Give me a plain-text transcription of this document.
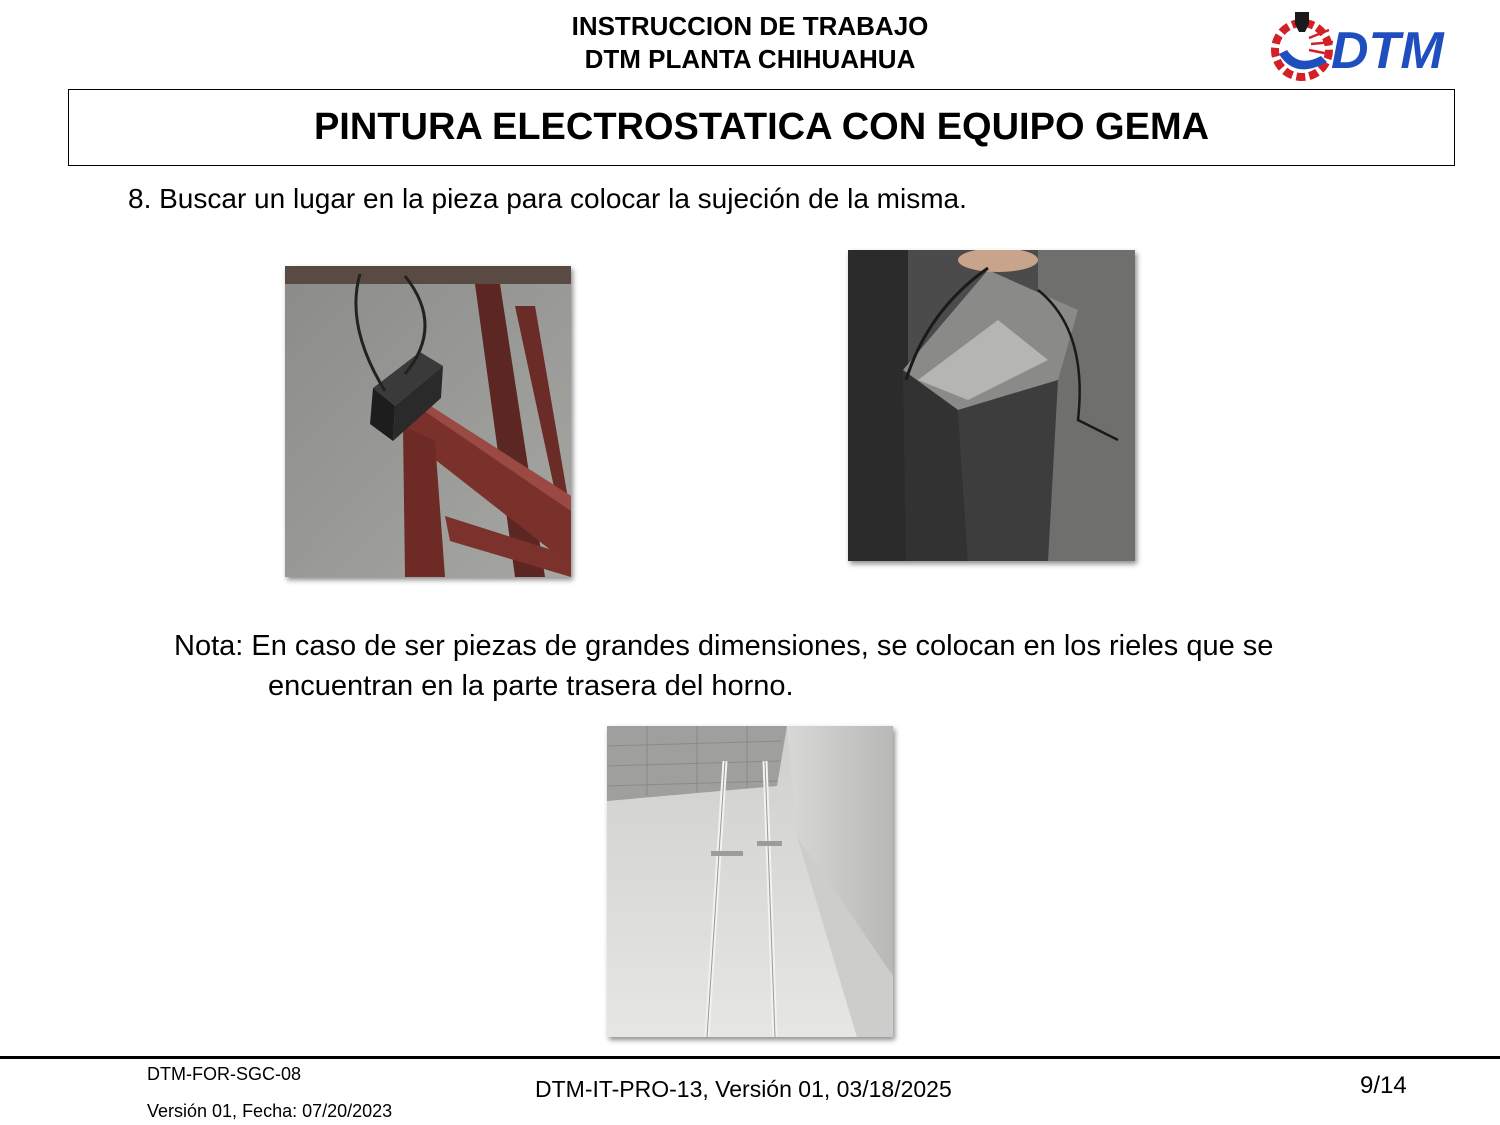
INSTRUCCION DE TRABAJO
DTM PLANTA CHIHUAHUA	DTM
PINTURA ELECTROSTATICA CON EQUIPO GEMA
8. Buscar un lugar en la pieza para colocar la sujeción de la misma.
Nota: En caso de ser piezas de grandes dimensiones, se colocan en los rieles que se
encuentran en la parte trasera del horno.
DTM-FOR-SGC-08
Versión 01, Fecha: 07/20/2023
DTM-IT-PRO-13, Versión 01, 03/18/2025	9/14
